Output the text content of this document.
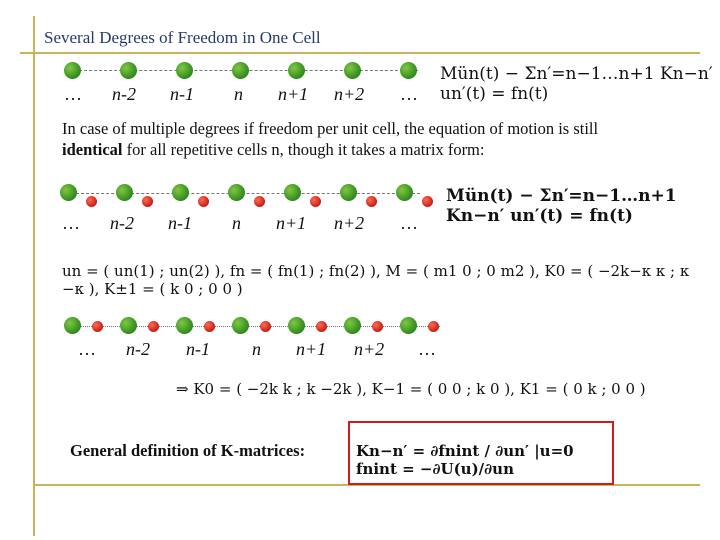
Several Degrees of Freedom in One Cell
… n-2 n-1 n n+1 n+2 …
Mün(t) − Σn′=n−1…n+1 Kn−n′ un′(t) = fn(t)
In case of multiple degrees if freedom per unit cell, the equation of motion is still
identical for all repetitive cells n, though it takes a matrix form:
… n-2 n-1 n n+1 n+2 …
Mün(t) − Σn′=n−1…n+1 Kn−n′ un′(t) = fn(t)
un = ( un(1) ; un(2) ), fn = ( fn(1) ; fn(2) ), M = ( m1 0 ; 0 m2 ), K0 = ( −2k−κ κ ; κ −κ ), K±1 = ( k 0 ; 0 0 )
… n-2 n-1 n n+1 n+2 …
⇒ K0 = ( −2k k ; k −2k ), K−1 = ( 0 0 ; k 0 ), K1 = ( 0 k ; 0 0 )
General definition of K-matrices:	Kn−n′ = ∂fnint / ∂un′ |u=0 fnint = −∂U(u)/∂un
